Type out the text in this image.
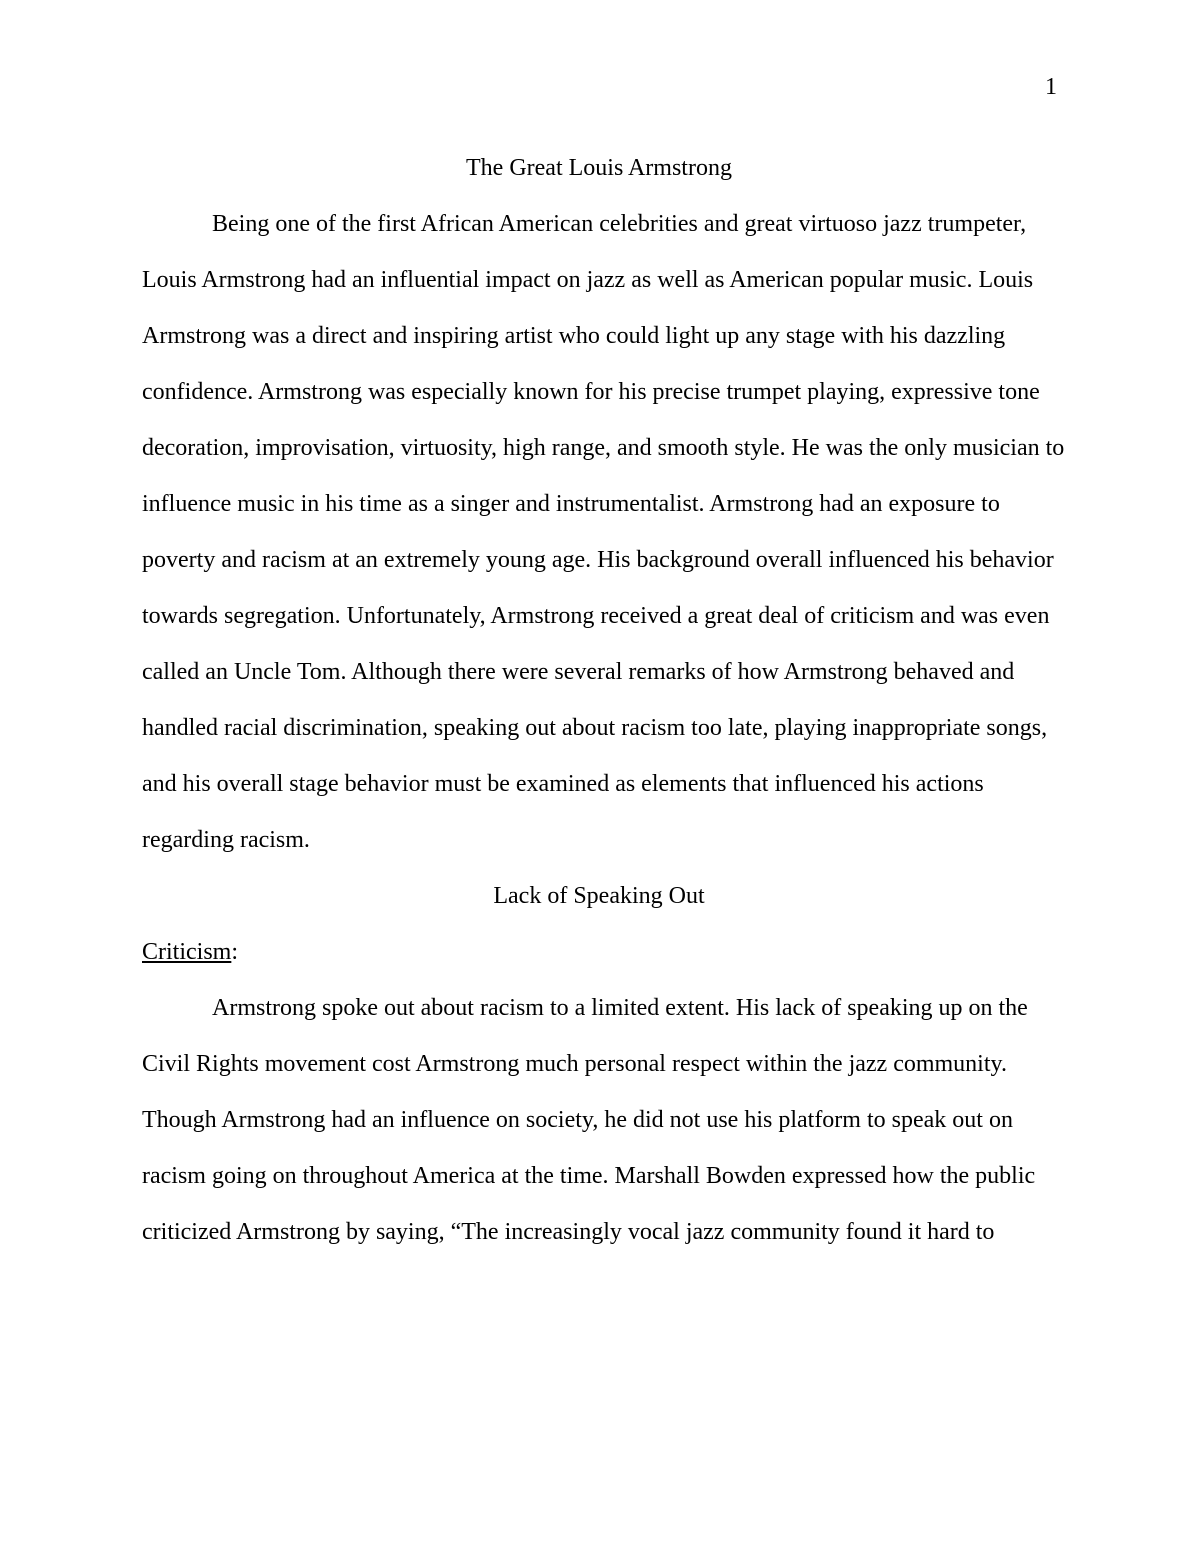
1

The Great Louis Armstrong

Being one of the first African American celebrities and great virtuoso jazz trumpeter,
Louis Armstrong had an influential impact on jazz as well as American popular music. Louis
Armstrong was a direct and inspiring artist who could light up any stage with his dazzling
confidence. Armstrong was especially known for his precise trumpet playing, expressive tone
decoration, improvisation, virtuosity, high range, and smooth style. He was the only musician to
influence music in his time as a singer and instrumentalist. Armstrong had an exposure to
poverty and racism at an extremely young age. His background overall influenced his behavior
towards segregation. Unfortunately, Armstrong received a great deal of criticism and was even
called an Uncle Tom. Although there were several remarks of how Armstrong behaved and
handled racial discrimination, speaking out about racism too late, playing inappropriate songs,
and his overall stage behavior must be examined as elements that influenced his actions
regarding racism.

Lack of Speaking Out

Criticism:

Armstrong spoke out about racism to a limited extent. His lack of speaking up on the
Civil Rights movement cost Armstrong much personal respect within the jazz community.
Though Armstrong had an influence on society, he did not use his platform to speak out on
racism going on throughout America at the time. Marshall Bowden expressed how the public
criticized Armstrong by saying, “The increasingly vocal jazz community found it hard to
